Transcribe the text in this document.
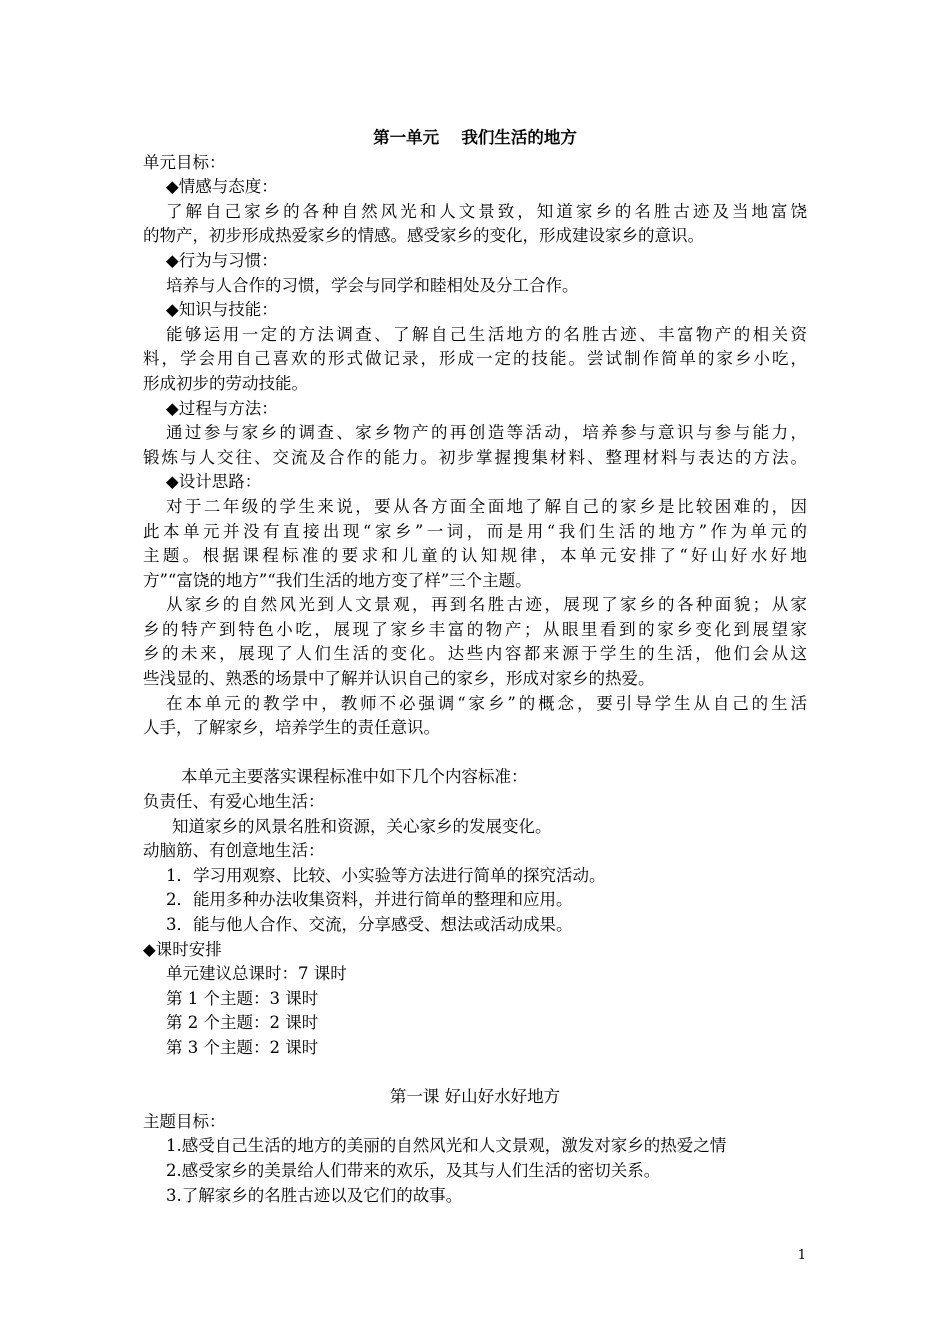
第一单元　 我们生活的地方
单元目标：
◆情感与态度：
了解自己家乡的各种自然风光和人文景致，知道家乡的名胜古迹及当地富饶
的物产，初步形成热爱家乡的情感。感受家乡的变化，形成建设家乡的意识。
◆行为与习惯：
培养与人合作的习惯，学会与同学和睦相处及分工合作。
◆知识与技能：
能够运用一定的方法调查、了解自己生活地方的名胜古迹、丰富物产的相关资
料，学会用自己喜欢的形式做记录，形成一定的技能。尝试制作简单的家乡小吃，
形成初步的劳动技能。
◆过程与方法：
通过参与家乡的调查、家乡物产的再创造等活动，培养参与意识与参与能力，
锻炼与人交往、交流及合作的能力。初步掌握搜集材料、整理材料与表达的方法。
◆设计思路：
对于二年级的学生来说，要从各方面全面地了解自己的家乡是比较困难的，因
此本单元并没有直接出现“家乡”一词，而是用“我们生活的地方”作为单元的
主题。根据课程标准的要求和儿童的认知规律，本单元安排了“好山好水好地
方”“富饶的地方”“我们生活的地方变了样”三个主题。
从家乡的自然风光到人文景观，再到名胜古迹，展现了家乡的各种面貌；从家
乡的特产到特色小吃，展现了家乡丰富的物产；从眼里看到的家乡变化到展望家
乡的未来，展现了人们生活的变化。达些内容都来源于学生的生活，他们会从这
些浅显的、熟悉的场景中了解并认识自己的家乡，形成对家乡的热爱。
在本单元的教学中，教师不必强调“家乡”的概念，要引导学生从自己的生活
人手，了解家乡，培养学生的责任意识。
本单元主要落实课程标准中如下几个内容标准：
负责任、有爱心地生活：
知道家乡的风景名胜和资源，关心家乡的发展变化。
动脑筋、有创意地生活：
1．学习用观察、比较、小实验等方法进行简单的探究活动。
2．能用多种办法收集资料，并进行简单的整理和应用。
3．能与他人合作、交流，分享感受、想法或活动成果。
◆课时安排
单元建议总课时：7 课时
第 1 个主题：3 课时
第 2 个主题：2 课时
第 3 个主题：2 课时
第一课 好山好水好地方
主题目标：
1.感受自己生活的地方的美丽的自然风光和人文景观，激发对家乡的热爱之情
2.感受家乡的美景给人们带来的欢乐，及其与人们生活的密切关系。
3.了解家乡的名胜古迹以及它们的故事。
1
